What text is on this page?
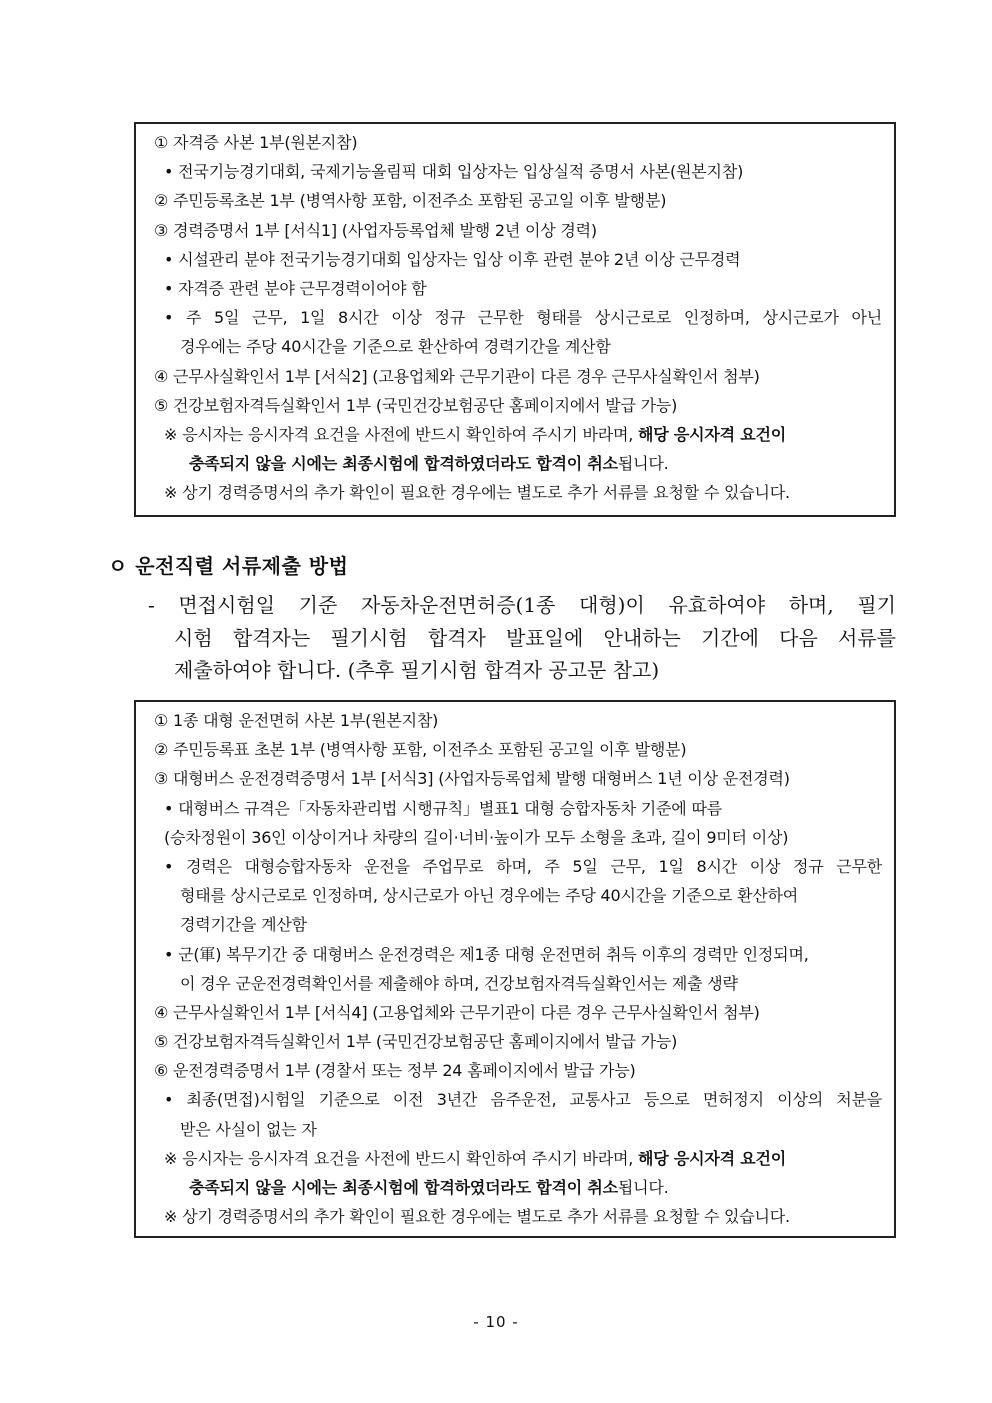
① 자격증 사본 1부(원본지참)
• 전국기능경기대회, 국제기능올림픽 대회 입상자는 입상실적 증명서 사본(원본지참)
② 주민등록초본 1부 (병역사항 포함, 이전주소 포함된 공고일 이후 발행분)
③ 경력증명서 1부 [서식1] (사업자등록업체 발행 2년 이상 경력)
• 시설관리 분야 전국기능경기대회 입상자는 입상 이후 관련 분야 2년 이상 근무경력
• 자격증 관련 분야 근무경력이어야 함
• 주 5일 근무, 1일 8시간 이상 정규 근무한 형태를 상시근로로 인정하며, 상시근로가 아닌
경우에는 주당 40시간을 기준으로 환산하여 경력기간을 계산함
④ 근무사실확인서 1부 [서식2] (고용업체와 근무기관이 다른 경우 근무사실확인서 첨부)
⑤ 건강보험자격득실확인서 1부 (국민건강보험공단 홈페이지에서 발급 가능)
※ 응시자는 응시자격 요건을 사전에 반드시 확인하여 주시기 바라며, 해당 응시자격 요건이
충족되지 않을 시에는 최종시험에 합격하였더라도 합격이 취소됩니다.
※ 상기 경력증명서의 추가 확인이 필요한 경우에는 별도로 추가 서류를 요청할 수 있습니다.
ㅇ 운전직렬 서류제출 방법
- 면접시험일 기준 자동차운전면허증(1종 대형)이 유효하여야 하며, 필기
시험 합격자는 필기시험 합격자 발표일에 안내하는 기간에 다음 서류를
제출하여야 합니다. (추후 필기시험 합격자 공고문 참고)
① 1종 대형 운전면허 사본 1부(원본지참)
② 주민등록표 초본 1부 (병역사항 포함, 이전주소 포함된 공고일 이후 발행분)
③ 대형버스 운전경력증명서 1부 [서식3] (사업자등록업체 발행 대형버스 1년 이상 운전경력)
• 대형버스 규격은「자동차관리법 시행규칙」별표1 대형 승합자동차 기준에 따름
(승차정원이 36인 이상이거나 차량의 길이·너비·높이가 모두 소형을 초과, 길이 9미터 이상)
• 경력은 대형승합자동차 운전을 주업무로 하며, 주 5일 근무, 1일 8시간 이상 정규 근무한
형태를 상시근로로 인정하며, 상시근로가 아닌 경우에는 주당 40시간을 기준으로 환산하여
경력기간을 계산함
• 군(軍) 복무기간 중 대형버스 운전경력은 제1종 대형 운전면허 취득 이후의 경력만 인정되며,
이 경우 군운전경력확인서를 제출해야 하며, 건강보험자격득실확인서는 제출 생략
④ 근무사실확인서 1부 [서식4] (고용업체와 근무기관이 다른 경우 근무사실확인서 첨부)
⑤ 건강보험자격득실확인서 1부 (국민건강보험공단 홈페이지에서 발급 가능)
⑥ 운전경력증명서 1부 (경찰서 또는 정부 24 홈페이지에서 발급 가능)
• 최종(면접)시험일 기준으로 이전 3년간 음주운전, 교통사고 등으로 면허정지 이상의 처분을
받은 사실이 없는 자
※ 응시자는 응시자격 요건을 사전에 반드시 확인하여 주시기 바라며, 해당 응시자격 요건이
충족되지 않을 시에는 최종시험에 합격하였더라도 합격이 취소됩니다.
※ 상기 경력증명서의 추가 확인이 필요한 경우에는 별도로 추가 서류를 요청할 수 있습니다.
- 10 -
